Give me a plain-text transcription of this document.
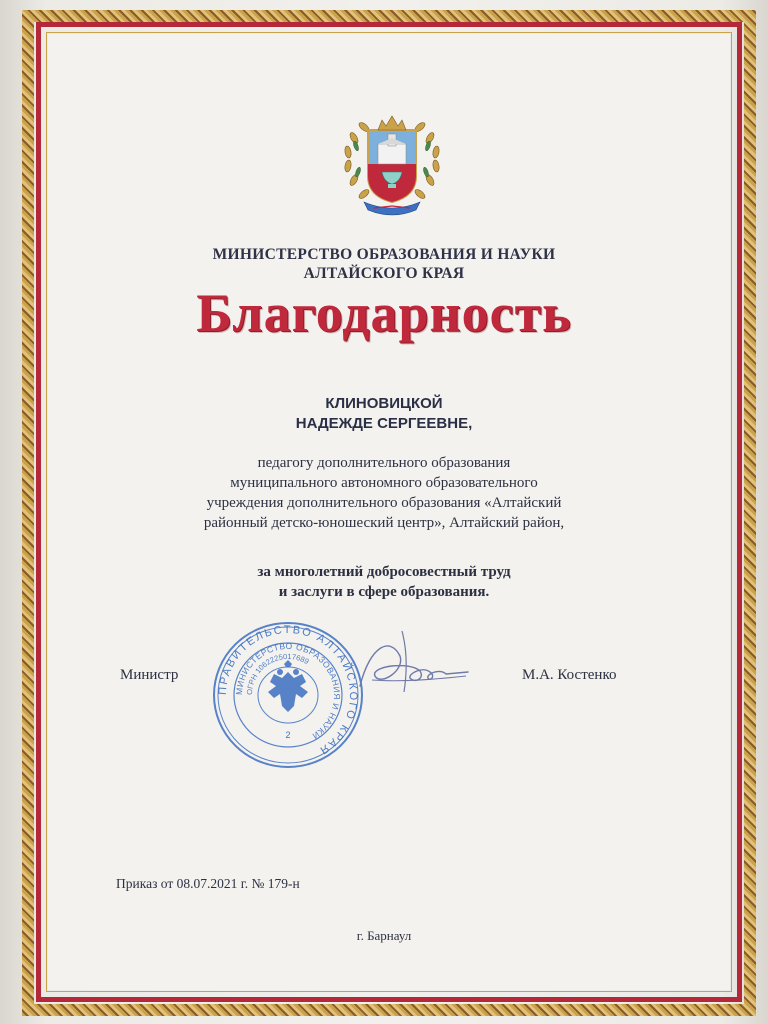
МИНИСТЕРСТВО ОБРАЗОВАНИЯ И НАУКИ
АЛТАЙСКОГО КРАЯ
Благодарность
КЛИНОВИЦКОЙ
НАДЕЖДЕ СЕРГЕЕВНЕ,
педагогу дополнительного образования
муниципального автономного образовательного
учреждения дополнительного образования «Алтайский
районный детско-юношеский центр», Алтайский район,
за многолетний добросовестный труд
и заслуги в сфере образования.
ПРАВИТЕЛЬСТВО АЛТАЙСКОГО КРАЯ
МИНИСТЕРСТВО ОБРАЗОВАНИЯ И НАУКИ
ОГРН 1062225017689
2
Министр	М.А. Костенко
Приказ от 08.07.2021 г. № 179-н
г. Барнаул
